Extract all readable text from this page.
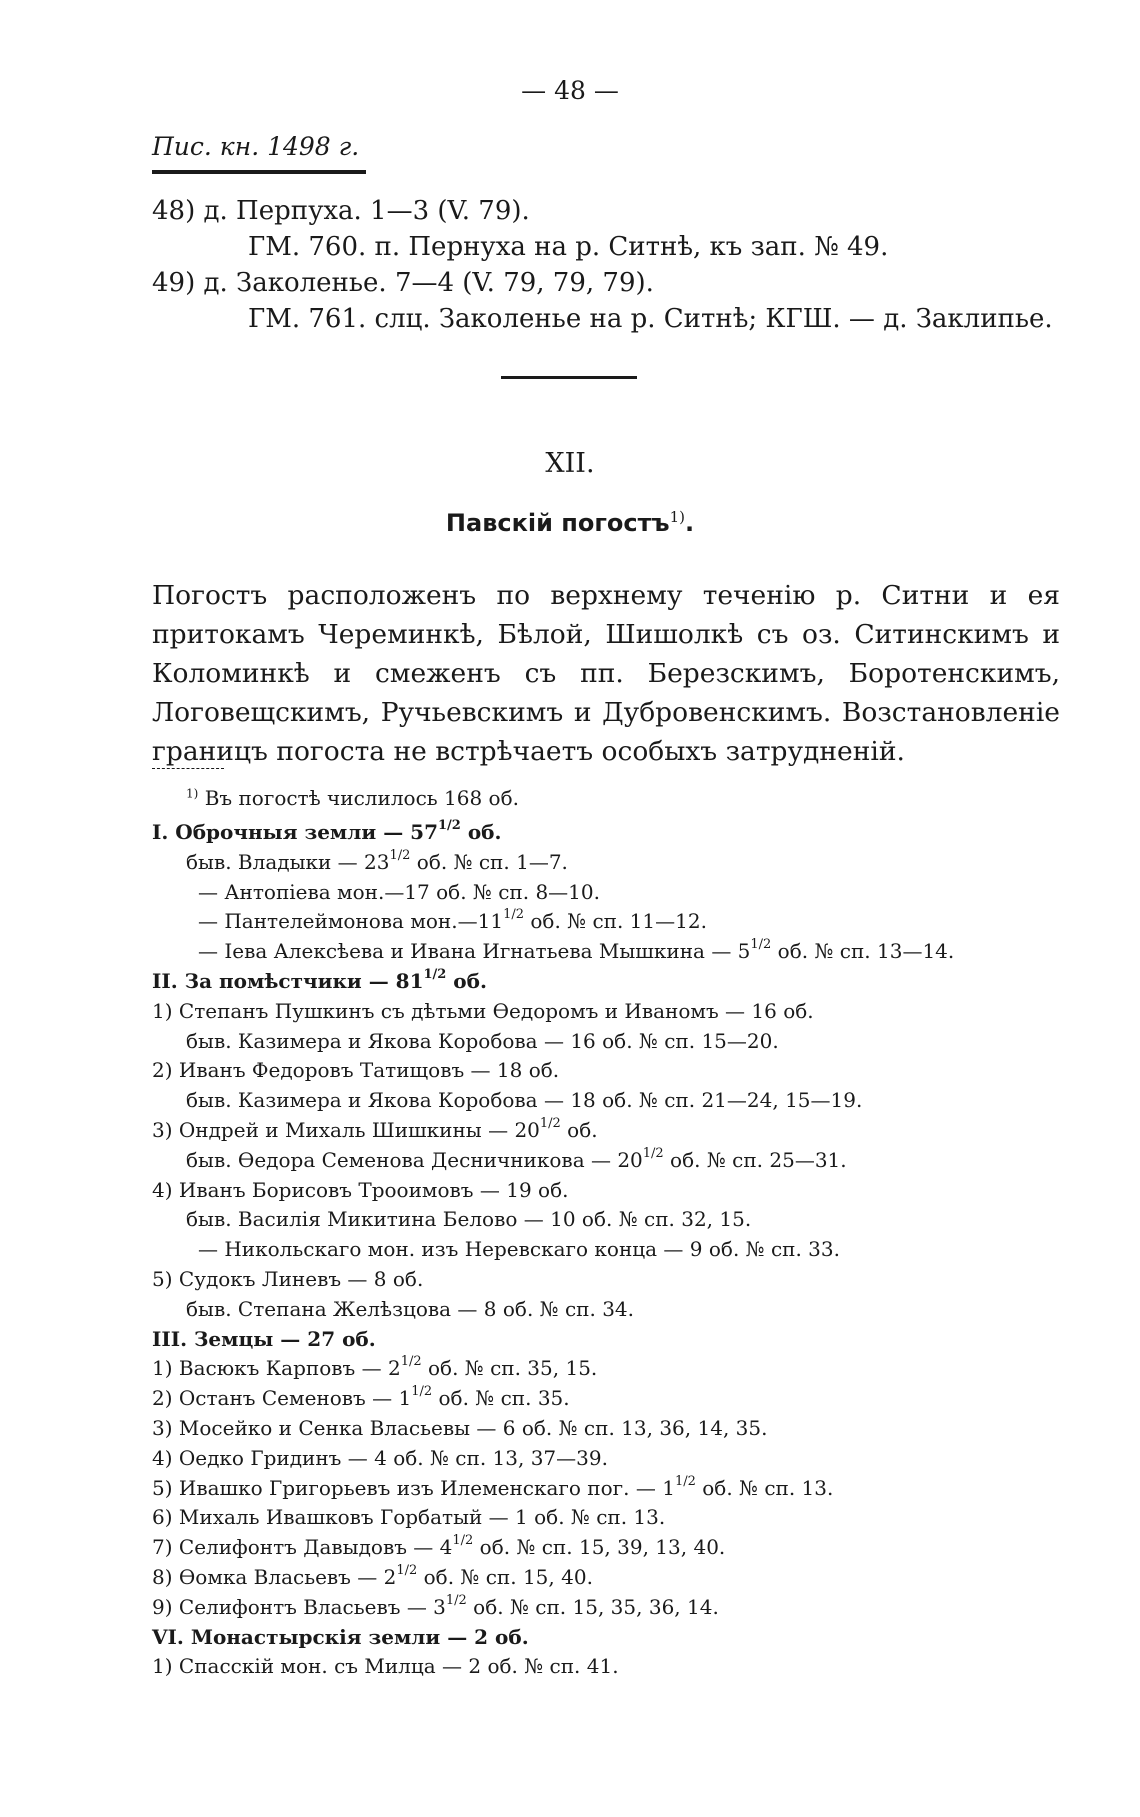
— 48 —
Пис. кн. 1498 г.
48) д. Перпуха. 1—3 (V. 79).
ГМ. 760. п. Пернуха на р. Ситнѣ, къ зап. № 49.
49) д. Заколенье. 7—4 (V. 79, 79, 79).
ГМ. 761. слц. Заколенье на р. Ситнѣ; КГШ. — д. Заклипье.
XII.
Павскій погостъ$^{1)}$.
Погостъ расположенъ по верхнему теченію р. Ситни и ея притокамъ Череминкѣ, Бѣлой, Шишолкѣ съ оз. Ситинскимъ и Коломинкѣ и смеженъ съ пп. Березскимъ, Боротенскимъ, Логовещскимъ, Ручьевскимъ и Дубровенскимъ. Возстановленіе границъ погоста не встрѣчаетъ особыхъ затрудненій.
$^{1)}$ Въ погостѣ числилось 168 об.
I. Оброчныя земли — $57^{1/2}$ об.
быв. Владыки — $23^{1/2}$ об. № сп. 1—7.
— Антопіева мон.—17 об. № сп. 8—10.
— Пантелеймонова $мон.—11^{1/2}$ об. № сп. 11—12.
— Іева Алексѣева и Ивана Игнатьева Мышкина — $5^{1/2}$ об. № сп. 13—14.
II. За помѣстчики — $81^{1/2}$ об.
1) Степанъ Пушкинъ съ дѣтьми Ѳедоромъ и Иваномъ — 16 об.
быв. Казимера и Якова Коробова — 16 об. № сп. 15—20.
2) Иванъ Федоровъ Татищовъ — 18 об.
быв. Казимера и Якова Коробова — 18 об. № сп. 21—24, 15—19.
3) Ондрей и Михаль Шишкины — $20^{1/2}$ об.
быв. Ѳедора Семенова Десничникова — $20^{1/2}$ об. № сп. 25—31.
4) Иванъ Борисовъ Трооимовъ — 19 об.
быв. Василія Микитина Белово — 10 об. № сп. 32, 15.
— Никольскаго мон. изъ Неревскаго конца — 9 об. № сп. 33.
5) Судокъ Линевъ — 8 об.
быв. Степана Желѣзцова — 8 об. № сп. 34.
III. Земцы — 27 об.
1) Васюкъ Карповъ — $2^{1/2}$ об. № сп. 35, 15.
2) Останъ Семеновъ — $1^{1/2}$ об. № сп. 35.
3) Мосейко и Сенка Власьевы — 6 об. № сп. 13, 36, 14, 35.
4) Оедко Гридинъ — 4 об. № сп. 13, 37—39.
5) Ивашко Григорьевъ изъ Илеменскаго пог. — $1^{1/2}$ об. № сп. 13.
6) Михаль Ивашковъ Горбатый — 1 об. № сп. 13.
7) Селифонтъ Давыдовъ — $4^{1/2}$ об. № сп. 15, 39, 13, 40.
8) Ѳомка Власьевъ — $2^{1/2}$ об. № сп. 15, 40.
9) Селифонтъ Власьевъ — $3^{1/2}$ об. № сп. 15, 35, 36, 14.
VI. Монастырскія земли — 2 об.
1) Спасскій мон. съ Милца — 2 об. № сп. 41.
